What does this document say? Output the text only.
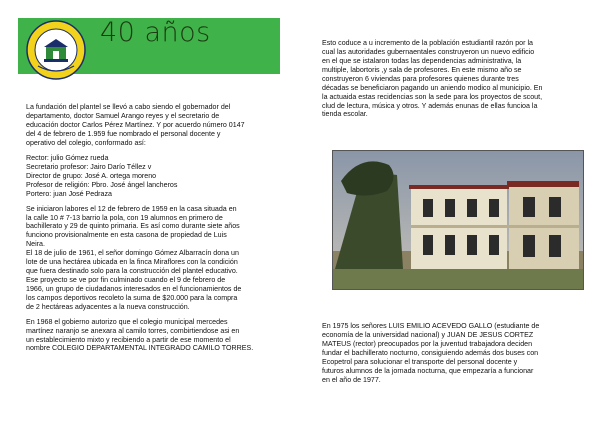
40 años

La fundación del plantel se llevó a cabo siendo el gobernador del
departamento, doctor Samuel Arango reyes y el secretario de
educación doctor Carlos Pérez Martínez. Y por acuerdo número 0147
del 4 de febrero de 1.959 fue nombrado el personal docente y
operativo del colegio, conformado así:

Rector: julio Gómez rueda
Secretario profesor: Jairo Darío Téllez v
Director de grupo: José A. ortega moreno
Profesor de religión: Pbro. José ángel lancheros
Portero: juan José Pedraza

Se iniciaron labores el 12 de febrero de 1959 en la casa situada en
la calle 10 # 7-13 barrio la pola, con 19 alumnos en primero de
bachillerato y 29 de quinto primaria. Es así como durante siete años
funciono provisionalmente en esta casona de propiedad de Luis
Neira.
El 18 de julio de 1961, el señor domingo Gómez Albarracín dona un
lote de una hectárea ubicada en la finca Miraflores con la condición
que fuera destinado solo para la construcción del plantel educativo.
Ese proyecto se ve por fin culminado cuando el 9 de febrero de
1966, un grupo de ciudadanos interesados en el funcionamientos de
los campos deportivos recoleto la suma de $20.000 para la compra
de 2 hectáreas adyacentes a la nueva construcción.

En 1968 el gobierno autorizo que el colegio municipal mercedes
martínez naranjo se anexara al camilo torres, combirtiendose asi en
un establecimiento mixto y recibiendo a partir de ese momento el
nombre COLEGIO DEPARTAMENTAL INTEGRADO CAMILO TORRES.

Esto coduce a u incremento de la población estudiantil razón por la
cual las autoridades gubernaentales construyeron un nuevo edificio
en el que se istalaron todas las dependencias administrativa, la
multiple, labortoris ,y sala de profesores. En este mismo año se
construyeron 6 viviendas para profesores quienes durante tres
décadas se beneficiaron pagando un aniendo modico al municipio. En
la actuaida estas recidencias son la sede para los proyectos de scout,
clud de lectura, música y otros. Y además enunas de ellas funcioa la
tienda escolar.

En 1975 los señores LUIS EMILIO ACEVEDO GALLO (estudiante de
economía de la universidad nacional) y JUAN DE JESUS CORTEZ
MATEUS (rector) preocupados por la juventud trabajadora deciden
fundar el bachillerato nocturno, consiguiendo además dos buses con
Ecopetrol para solucionar el transporte del personal docente y
futuros alumnos de la jornada nocturna, que empezaría a funcionar
en el año de 1977.
